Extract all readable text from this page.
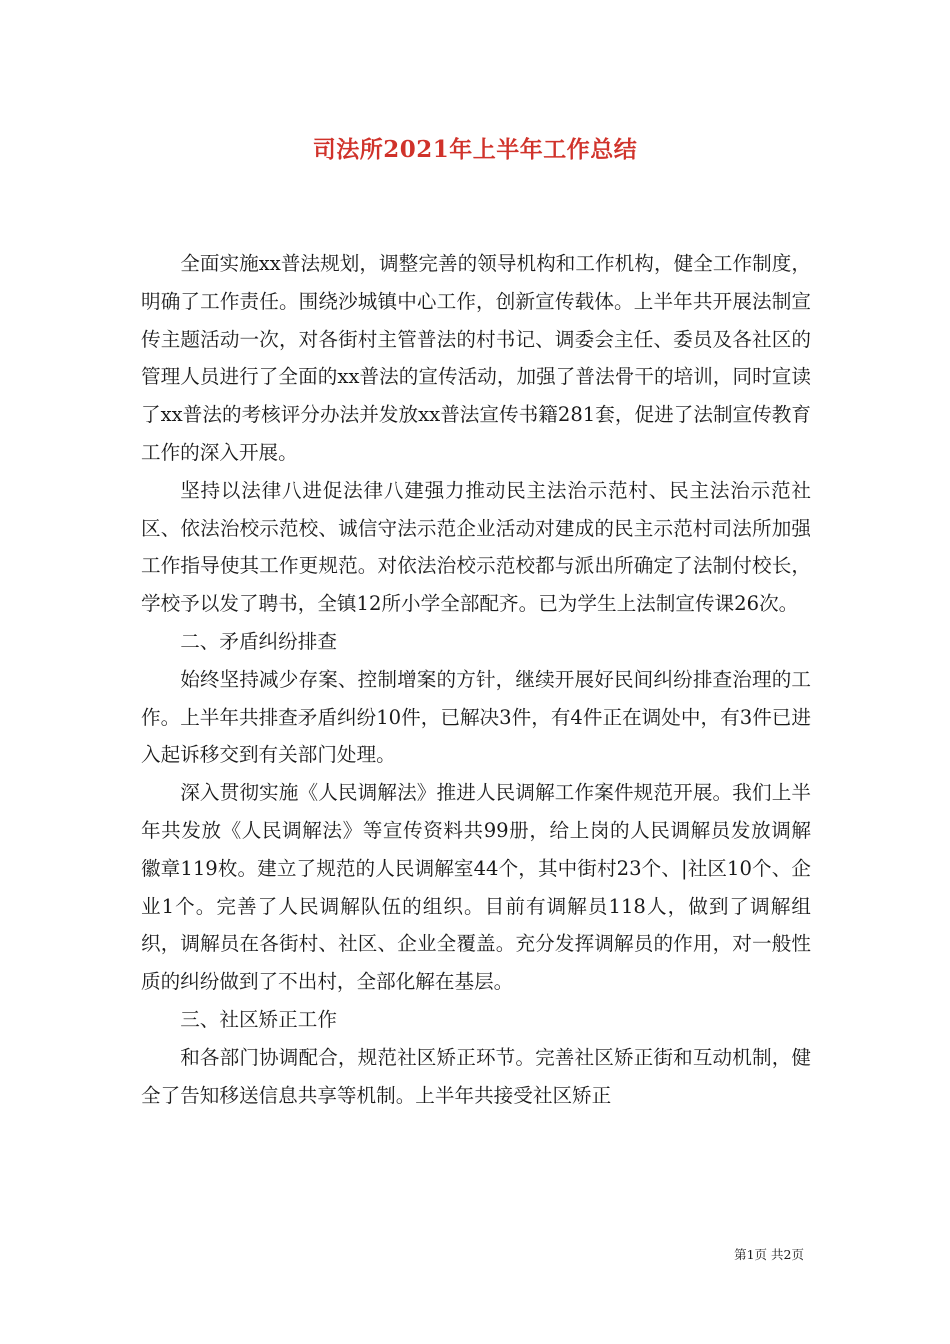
司法所2021年上半年工作总结

全面实施xx普法规划，调整完善的领导机构和工作机构，健全工作制度，明确了工作责任。围绕沙城镇中心工作，创新宣传载体。上半年共开展法制宣传主题活动一次，对各街村主管普法的村书记、调委会主任、委员及各社区的管理人员进行了全面的xx普法的宣传活动，加强了普法骨干的培训，同时宣读了xx普法的考核评分办法并发放xx普法宣传书籍281套，促进了法制宣传教育工作的深入开展。

坚持以法律八进促法律八建强力推动民主法治示范村、民主法治示范社区、依法治校示范校、诚信守法示范企业活动对建成的民主示范村司法所加强工作指导使其工作更规范。对依法治校示范校都与派出所确定了法制付校长，学校予以发了聘书，全镇12所小学全部配齐。已为学生上法制宣传课26次。

二、矛盾纠纷排查

始终坚持减少存案、控制增案的方针，继续开展好民间纠纷排查治理的工作。上半年共排查矛盾纠纷10件，已解决3件，有4件正在调处中，有3件已进入起诉移交到有关部门处理。

深入贯彻实施《人民调解法》推进人民调解工作案件规范开展。我们上半年共发放《人民调解法》等宣传资料共99册，给上岗的人民调解员发放调解徽章119枚。建立了规范的人民调解室44个，其中街村23个、|社区10个、企业1个。完善了人民调解队伍的组织。目前有调解员118人，做到了调解组织，调解员在各街村、社区、企业全覆盖。充分发挥调解员的作用，对一般性质的纠纷做到了不出村，全部化解在基层。

三、社区矫正工作

和各部门协调配合，规范社区矫正环节。完善社区矫正街和互动机制，健全了告知移送信息共享等机制。上半年共接受社区矫正

第1页 共2页
